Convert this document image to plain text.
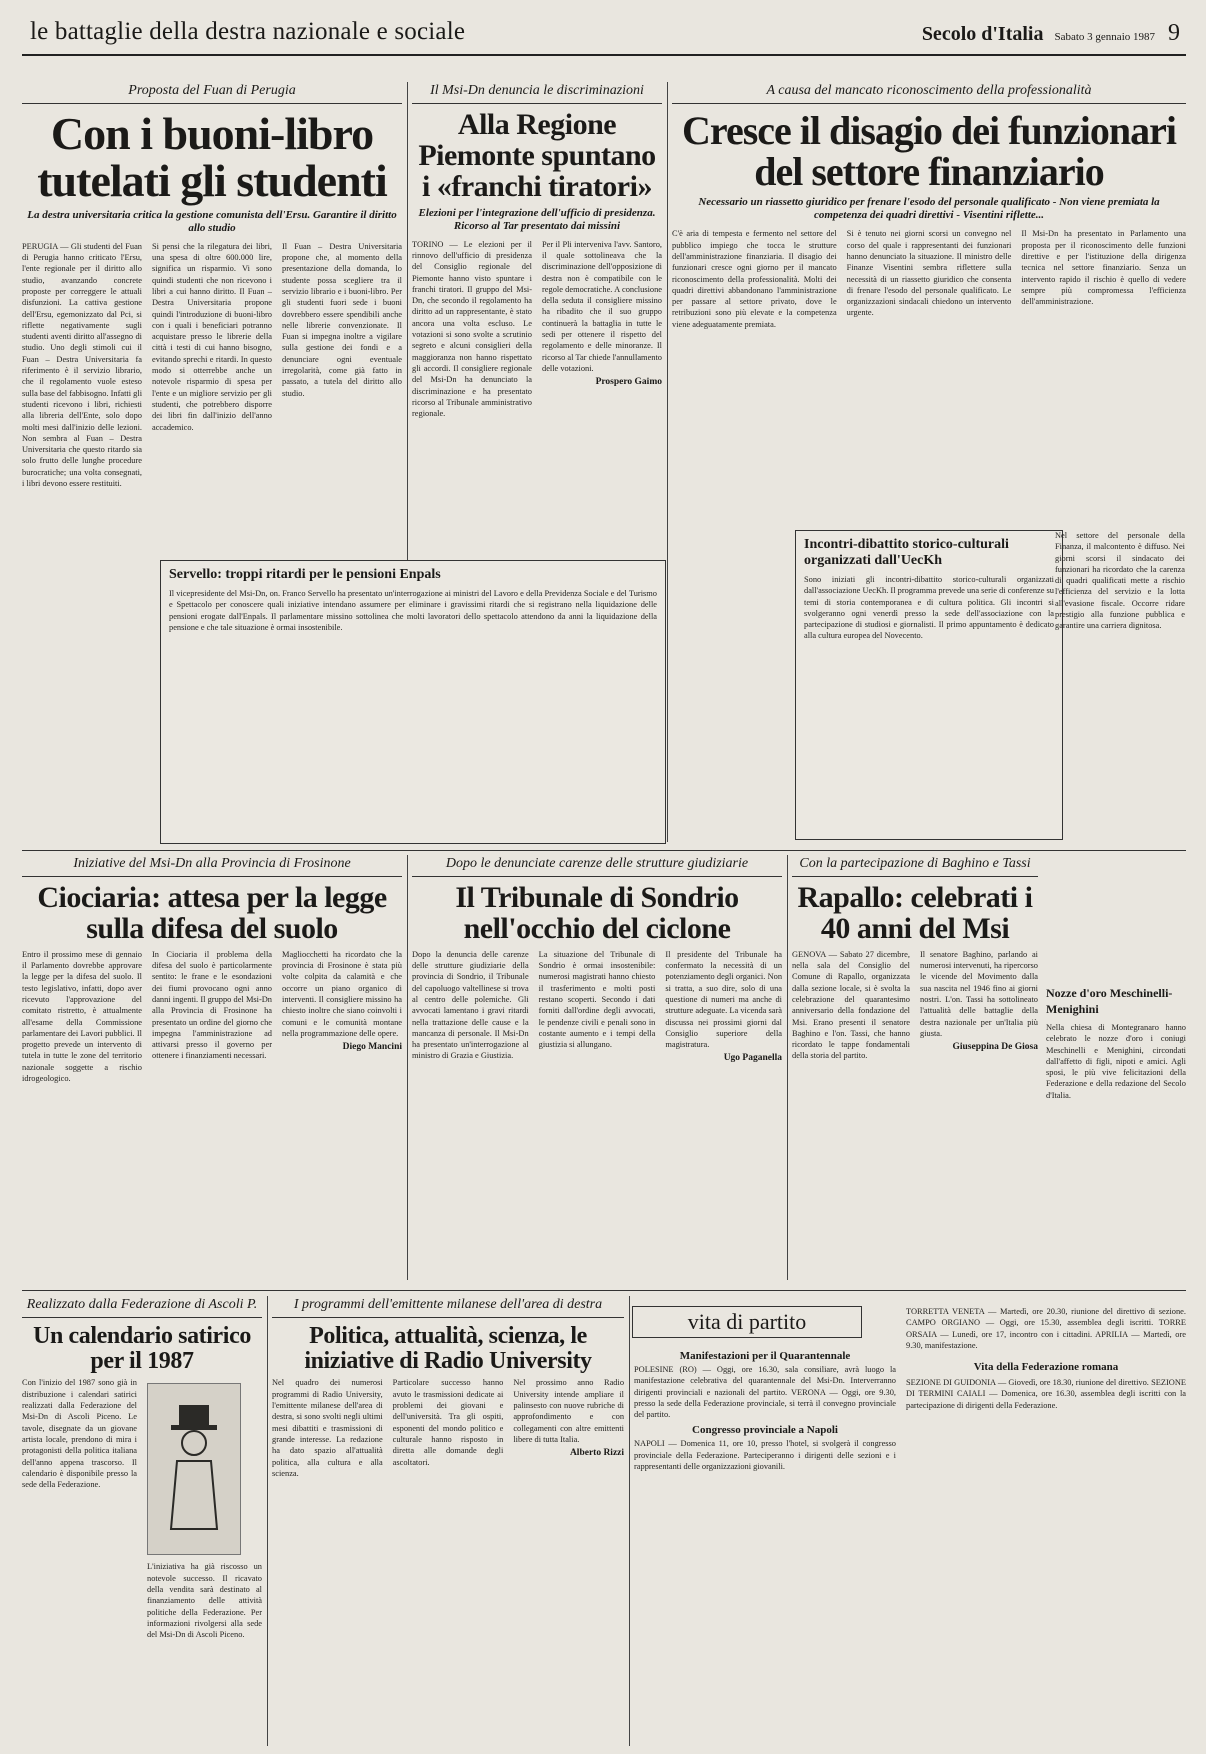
le battaglie della destra nazionale e sociale	Secolo d'Italia Sabato 3 gennaio 1987 9
Proposta del Fuan di Perugia
Con i buoni-libro tutelati gli studenti
La destra universitaria critica la gestione comunista dell'Ersu. Garantire il diritto allo studio

PERUGIA — Gli studenti del Fuan di Perugia hanno criticato l'Ersu, l'ente regionale per il diritto allo studio, avanzando concrete proposte per correggere le attuali disfunzioni. La cattiva gestione dell'Ersu, egemonizzato dal Pci, si riflette negativamente sugli studenti aventi diritto all'assegno di studio. Uno degli stimoli cui il Fuan – Destra Universitaria fa riferimento è il servizio librario, che il regolamento vuole esteso sulla base del fabbisogno. Infatti gli studenti ricevono i libri, richiesti alla libreria dell'Ente, solo dopo molti mesi dall'inizio delle lezioni. Non sembra al Fuan – Destra Universitaria che questo ritardo sia solo frutto delle lunghe procedure burocratiche; una volta consegnati, i libri devono essere restituiti.

Si pensi che la rilegatura dei libri, una spesa di oltre 600.000 lire, significa un risparmio. Vi sono quindi studenti che non ricevono i libri a cui hanno diritto. Il Fuan – Destra Universitaria propone quindi l'introduzione di buoni-libro con i quali i beneficiari potranno acquistare presso le librerie della città i testi di cui hanno bisogno, evitando sprechi e ritardi. In questo modo si otterrebbe anche un notevole risparmio di spesa per l'ente e un migliore servizio per gli studenti, che potrebbero disporre dei libri fin dall'inizio dell'anno accademico.

Il Fuan – Destra Universitaria propone che, al momento della presentazione della domanda, lo studente possa scegliere tra il servizio librario e i buoni-libro. Per gli studenti fuori sede i buoni dovrebbero essere spendibili anche nelle librerie convenzionate. Il Fuan si impegna inoltre a vigilare sulla gestione dei fondi e a denunciare ogni eventuale irregolarità, come già fatto in passato, a tutela del diritto allo studio.

Il Msi-Dn denuncia le discriminazioni
Alla Regione Piemonte spuntano i «franchi tiratori»
Elezioni per l'integrazione dell'ufficio di presidenza. Ricorso al Tar presentato dai missini

TORINO — Le elezioni per il rinnovo dell'ufficio di presidenza del Consiglio regionale del Piemonte hanno visto spuntare i franchi tiratori. Il gruppo del Msi-Dn, che secondo il regolamento ha diritto ad un rappresentante, è stato ancora una volta escluso. Le votazioni si sono svolte a scrutinio segreto e alcuni consiglieri della maggioranza non hanno rispettato gli accordi. Il consigliere regionale del Msi-Dn ha denunciato la discriminazione e ha presentato ricorso al Tribunale amministrativo regionale.

Per il Pli interveniva l'avv. Santoro, il quale sottolineava che la discriminazione dell'opposizione di destra non è compatibile con le regole democratiche. A conclusione della seduta il consigliere missino ha ribadito che il suo gruppo continuerà la battaglia in tutte le sedi per ottenere il rispetto del regolamento e delle minoranze. Il ricorso al Tar chiede l'annullamento delle votazioni.

Prospero Gaimo
Servello: troppi ritardi per le pensioni Enpals

Il vicepresidente del Msi-Dn, on. Franco Servello ha presentato un'interrogazione ai ministri del Lavoro e della Previdenza Sociale e del Turismo e Spettacolo per conoscere quali iniziative intendano assumere per eliminare i gravissimi ritardi che si registrano nella liquidazione delle pensioni erogate dall'Enpals. Il parlamentare missino sottolinea che molti lavoratori dello spettacolo attendono da anni la liquidazione della pensione e che tale situazione è ormai insostenibile.

A causa del mancato riconoscimento della professionalità
Cresce il disagio dei funzionari del settore finanziario
Necessario un riassetto giuridico per frenare l'esodo del personale qualificato - Non viene premiata la competenza dei quadri direttivi - Visentini riflette...

C'è aria di tempesta e fermento nel settore del pubblico impiego che tocca le strutture dell'amministrazione finanziaria. Il disagio dei funzionari cresce ogni giorno per il mancato riconoscimento della professionalità. Molti dei quadri direttivi abbandonano l'amministrazione per passare al settore privato, dove le retribuzioni sono più elevate e la competenza viene adeguatamente premiata.

Si è tenuto nei giorni scorsi un convegno nel corso del quale i rappresentanti dei funzionari hanno denunciato la situazione. Il ministro delle Finanze Visentini sembra riflettere sulla necessità di un riassetto giuridico che consenta di frenare l'esodo del personale qualificato. Le organizzazioni sindacali chiedono un intervento urgente.

Il Msi-Dn ha presentato in Parlamento una proposta per il riconoscimento delle funzioni direttive e per l'istituzione della dirigenza tecnica nel settore finanziario. Senza un intervento rapido il rischio è quello di vedere sempre più compromessa l'efficienza dell'amministrazione.

Incontri-dibattito storico-culturali organizzati dall'UecKh

Sono iniziati gli incontri-dibattito storico-culturali organizzati dall'associazione UecKh. Il programma prevede una serie di conferenze su temi di storia contemporanea e di cultura politica. Gli incontri si svolgeranno ogni venerdì presso la sede dell'associazione con la partecipazione di studiosi e giornalisti. Il primo appuntamento è dedicato alla cultura europea del Novecento.

Nel settore del personale della Finanza, il malcontento è diffuso. Nei giorni scorsi il sindacato dei funzionari ha ricordato che la carenza di quadri qualificati mette a rischio l'efficienza del servizio e la lotta all'evasione fiscale. Occorre ridare prestigio alla funzione pubblica e garantire una carriera dignitosa.

Iniziative del Msi-Dn alla Provincia di Frosinone
Ciociaria: attesa per la legge sulla difesa del suolo

Entro il prossimo mese di gennaio il Parlamento dovrebbe approvare la legge per la difesa del suolo. Il testo legislativo, infatti, dopo aver ricevuto l'approvazione del comitato ristretto, è attualmente all'esame della Commissione parlamentare dei Lavori pubblici. Il progetto prevede un intervento di tutela in tutte le zone del territorio nazionale soggette a rischio idrogeologico.

In Ciociaria il problema della difesa del suolo è particolarmente sentito: le frane e le esondazioni dei fiumi provocano ogni anno danni ingenti. Il gruppo del Msi-Dn alla Provincia di Frosinone ha presentato un ordine del giorno che impegna l'amministrazione ad attivarsi presso il governo per ottenere i finanziamenti necessari.

Magliocchetti ha ricordato che la provincia di Frosinone è stata più volte colpita da calamità e che occorre un piano organico di interventi. Il consigliere missino ha chiesto inoltre che siano coinvolti i comuni e le comunità montane nella programmazione delle opere.

Diego Mancini
Dopo le denunciate carenze delle strutture giudiziarie
Il Tribunale di Sondrio nell'occhio del ciclone

Dopo la denuncia delle carenze delle strutture giudiziarie della provincia di Sondrio, il Tribunale del capoluogo valtellinese si trova al centro delle polemiche. Gli avvocati lamentano i gravi ritardi nella trattazione delle cause e la mancanza di personale. Il Msi-Dn ha presentato un'interrogazione al ministro di Grazia e Giustizia.

La situazione del Tribunale di Sondrio è ormai insostenibile: numerosi magistrati hanno chiesto il trasferimento e molti posti restano scoperti. Secondo i dati forniti dall'ordine degli avvocati, le pendenze civili e penali sono in costante aumento e i tempi della giustizia si allungano.

Il presidente del Tribunale ha confermato la necessità di un potenziamento degli organici. Non si tratta, a suo dire, solo di una questione di numeri ma anche di strutture adeguate. La vicenda sarà discussa nei prossimi giorni dal Consiglio superiore della magistratura.

Ugo Paganella
Con la partecipazione di Baghino e Tassi
Rapallo: celebrati i 40 anni del Msi

GENOVA — Sabato 27 dicembre, nella sala del Consiglio del Comune di Rapallo, organizzata dalla sezione locale, si è svolta la celebrazione del quarantesimo anniversario della fondazione del Msi. Erano presenti il senatore Baghino e l'on. Tassi, che hanno ricordato le tappe fondamentali della storia del partito.

Il senatore Baghino, parlando ai numerosi intervenuti, ha ripercorso le vicende del Movimento dalla sua nascita nel 1946 fino ai giorni nostri. L'on. Tassi ha sottolineato l'attualità delle battaglie della destra nazionale per un'Italia più giusta.

Giuseppina De Giosa
Nozze d'oro Meschinelli-Menighini

Nella chiesa di Montegranaro hanno celebrato le nozze d'oro i coniugi Meschinelli e Menighini, circondati dall'affetto di figli, nipoti e amici. Agli sposi, le più vive felicitazioni della Federazione e della redazione del Secolo d'Italia.

Realizzato dalla Federazione di Ascoli P.
Un calendario satirico per il 1987

Con l'inizio del 1987 sono già in distribuzione i calendari satirici realizzati dalla Federazione del Msi-Dn di Ascoli Piceno. Le tavole, disegnate da un giovane artista locale, prendono di mira i protagonisti della politica italiana dell'anno appena trascorso. Il calendario è disponibile presso la sede della Federazione.

L'iniziativa ha già riscosso un notevole successo. Il ricavato della vendita sarà destinato al finanziamento delle attività politiche della Federazione. Per informazioni rivolgersi alla sede del Msi-Dn di Ascoli Piceno.

I programmi dell'emittente milanese dell'area di destra
Politica, attualità, scienza, le iniziative di Radio University

Nel quadro dei numerosi programmi di Radio University, l'emittente milanese dell'area di destra, si sono svolti negli ultimi mesi dibattiti e trasmissioni di grande interesse. La redazione ha dato spazio all'attualità politica, alla cultura e alla scienza.

Particolare successo hanno avuto le trasmissioni dedicate ai problemi dei giovani e dell'università. Tra gli ospiti, esponenti del mondo politico e culturale hanno risposto in diretta alle domande degli ascoltatori.

Nel prossimo anno Radio University intende ampliare il palinsesto con nuove rubriche di approfondimento e con collegamenti con altre emittenti libere di tutta Italia.

Alberto Rizzi
vita di partito
Manifestazioni per il Quarantennale

POLESINE (RO) — Oggi, ore 16.30, sala consiliare, avrà luogo la manifestazione celebrativa del quarantennale del Msi-Dn. Interverranno dirigenti provinciali e nazionali del partito. VERONA — Oggi, ore 9.30, presso la sede della Federazione provinciale, si terrà il convegno provinciale del partito.

Congresso provinciale a Napoli

NAPOLI — Domenica 11, ore 10, presso l'hotel, si svolgerà il congresso provinciale della Federazione. Parteciperanno i dirigenti delle sezioni e i rappresentanti delle organizzazioni giovanili.

TORRETTA VENETA — Martedì, ore 20.30, riunione del direttivo di sezione. CAMPO ORGIANO — Oggi, ore 15.30, assemblea degli iscritti. TORRE ORSAIA — Lunedì, ore 17, incontro con i cittadini. APRILIA — Martedì, ore 9.30, manifestazione.

Vita della Federazione romana

SEZIONE DI GUIDONIA — Giovedì, ore 18.30, riunione del direttivo. SEZIONE DI TERMINI CAIALI — Domenica, ore 16.30, assemblea degli iscritti con la partecipazione di dirigenti della Federazione.
